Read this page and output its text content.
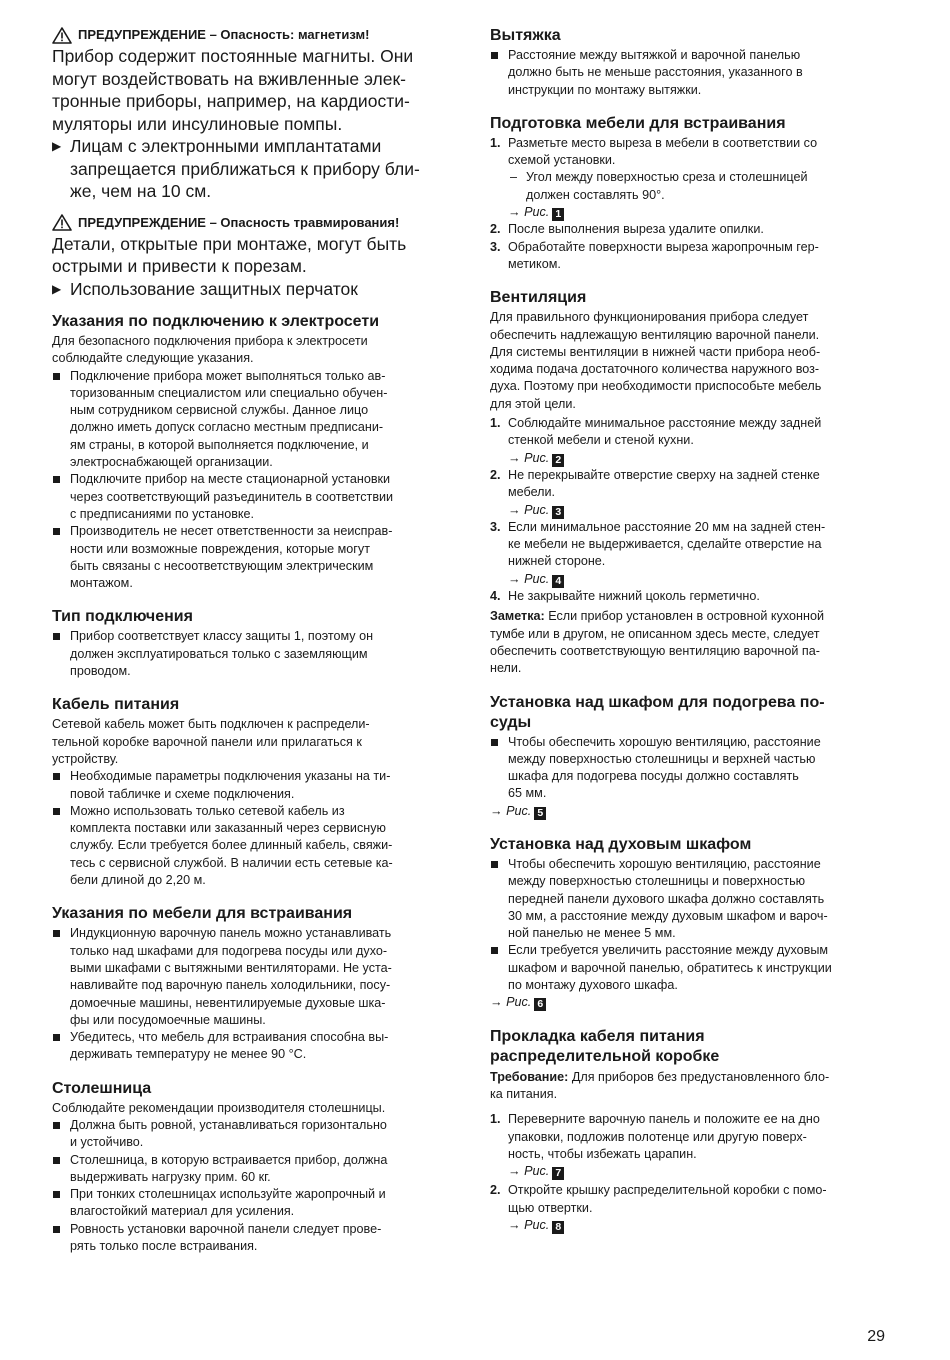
ПРЕДУПРЕЖДЕНИЕ – Опасность: магнетизм!

Прибор содержит постоянные магниты. Они

могут воздействовать на вживленные элек-

тронные приборы, например, на кардиости-

муляторы или инсулиновые помпы.

▶ Лицам с электронными имплантатами
запрещается приближаться к прибору бли-
же, чем на 10 см.
ПРЕДУПРЕЖДЕНИЕ – Опасность травмирования!

Детали, открытые при монтаже, могут быть

острыми и привести к порезам.

▶ Использование защитных перчаток
Указания по подключению к электросети

Для безопасного подключения прибора к электросети

соблюдайте следующие указания.

Подключение прибора может выполняться только ав-
торизованным специалистом или специально обучен-
ным сотрудником сервисной службы. Данное лицо
должно иметь допуск согласно местным предписани-
ям страны, в которой выполняется подключение, и
электроснабжающей организации.
Подключите прибор на месте стационарной установки
через соответствующий разъединитель в соответствии
с предписаниями по установке.
Производитель не несет ответственности за неисправ-
ности или возможные повреждения, которые могут
быть связаны с несоответствующим электрическим
монтажом.
Тип подключения
Прибор соответствует классу защиты 1, поэтому он
должен эксплуатироваться только с заземляющим
проводом.
Кабель питания

Сетевой кабель может быть подключен к распредели-

тельной коробке варочной панели или прилагаться к

устройству.

Необходимые параметры подключения указаны на ти-
повой табличке и схеме подключения.
Можно использовать только сетевой кабель из
комплекта поставки или заказанный через сервисную
службу. Если требуется более длинный кабель, свяжи-
тесь с сервисной службой. В наличии есть сетевые ка-
бели длиной до 2,20 м.
Указания по мебели для встраивания
Индукционную варочную панель можно устанавливать
только над шкафами для подогрева посуды или духо-
выми шкафами с вытяжными вентиляторами. Не уста-
навливайте под варочную панель холодильники, посу-
домоечные машины, невентилируемые духовые шка-
фы или посудомоечные машины.
Убедитесь, что мебель для встраивания способна вы-
держивать температуру не менее 90 °C.
Столешница

Соблюдайте рекомендации производителя столешницы.

Должна быть ровной, устанавливаться горизонтально
и устойчиво.
Столешница, в которую встраивается прибор, должна
выдерживать нагрузку прим. 60 кг.
При тонких столешницах используйте жаропрочный и
влагостойкий материал для усиления.
Ровность установки варочной панели следует прове-
рять только после встраивания.
Вытяжка
Расстояние между вытяжкой и варочной панелью
должно быть не меньше расстояния, указанного в
инструкции по монтажу вытяжки.
Подготовка мебели для встраивания
1. Разметьте место выреза в мебели в соответствии со
схемой установки.
– Угол между поверхностью среза и столешницей
должен составлять 90°.
→ Рис. 1
2. После выполнения выреза удалите опилки.
3. Обработайте поверхности выреза жаропрочным гер-
метиком.
Вентиляция

Для правильного функционирования прибора следует

обеспечить надлежащую вентиляцию варочной панели.

Для системы вентиляции в нижней части прибора необ-

ходима подача достаточного количества наружного воз-

духа. Поэтому при необходимости приспособьте мебель

для этой цели.

1. Соблюдайте минимальное расстояние между задней
стенкой мебели и стеной кухни.
→ Рис. 2
2. Не перекрывайте отверстие сверху на задней стенке
мебели.
→ Рис. 3
3. Если минимальное расстояние 20 мм на задней стен-
ке мебели не выдерживается, сделайте отверстие на
нижней стороне.
→ Рис. 4
4. Не закрывайте нижний цоколь герметично.

Заметка: Если прибор установлен в островной кухонной

тумбе или в другом, не описанном здесь месте, следует

обеспечить соответствующую вентиляцию варочной па-

нели.

Установка над шкафом для подогрева по-
суды
Чтобы обеспечить хорошую вентиляцию, расстояние
между поверхностью столешницы и верхней частью
шкафа для подогрева посуды должно составлять
65 мм.
→ Рис. 5
Установка над духовым шкафом
Чтобы обеспечить хорошую вентиляцию, расстояние
между поверхностью столешницы и поверхностью
передней панели духового шкафа должно составлять
30 мм, а расстояние между духовым шкафом и вароч-
ной панелью не менее 5 мм.
Если требуется увеличить расстояние между духовым
шкафом и варочной панелью, обратитесь к инструкции
по монтажу духового шкафа.
→ Рис. 6
Прокладка кабеля питания
распределительной коробке

Требование: Для приборов без предустановленного бло-

ка питания.

1. Переверните варочную панель и положите ее на дно
упаковки, подложив полотенце или другую поверх-
ность, чтобы избежать царапин.
→ Рис. 7
2. Откройте крышку распределительной коробки с помо-
щью отвертки.
→ Рис. 8
29
